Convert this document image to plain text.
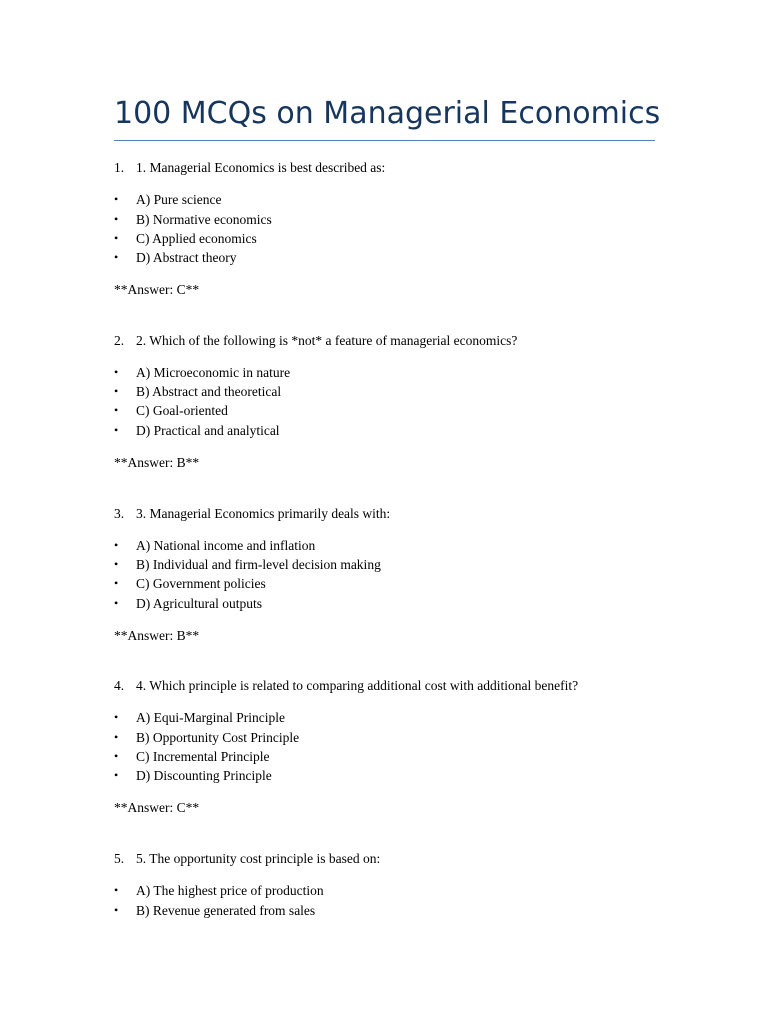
100 MCQs on Managerial Economics
1. 1. Managerial Economics is best described as:
• A) Pure science
• B) Normative economics
• C) Applied economics
• D) Abstract theory
**Answer: C**
2. 2. Which of the following is *not* a feature of managerial economics?
• A) Microeconomic in nature
• B) Abstract and theoretical
• C) Goal-oriented
• D) Practical and analytical
**Answer: B**
3. 3. Managerial Economics primarily deals with:
• A) National income and inflation
• B) Individual and firm-level decision making
• C) Government policies
• D) Agricultural outputs
**Answer: B**
4. 4. Which principle is related to comparing additional cost with additional benefit?
• A) Equi-Marginal Principle
• B) Opportunity Cost Principle
• C) Incremental Principle
• D) Discounting Principle
**Answer: C**
5. 5. The opportunity cost principle is based on:
• A) The highest price of production
• B) Revenue generated from sales
